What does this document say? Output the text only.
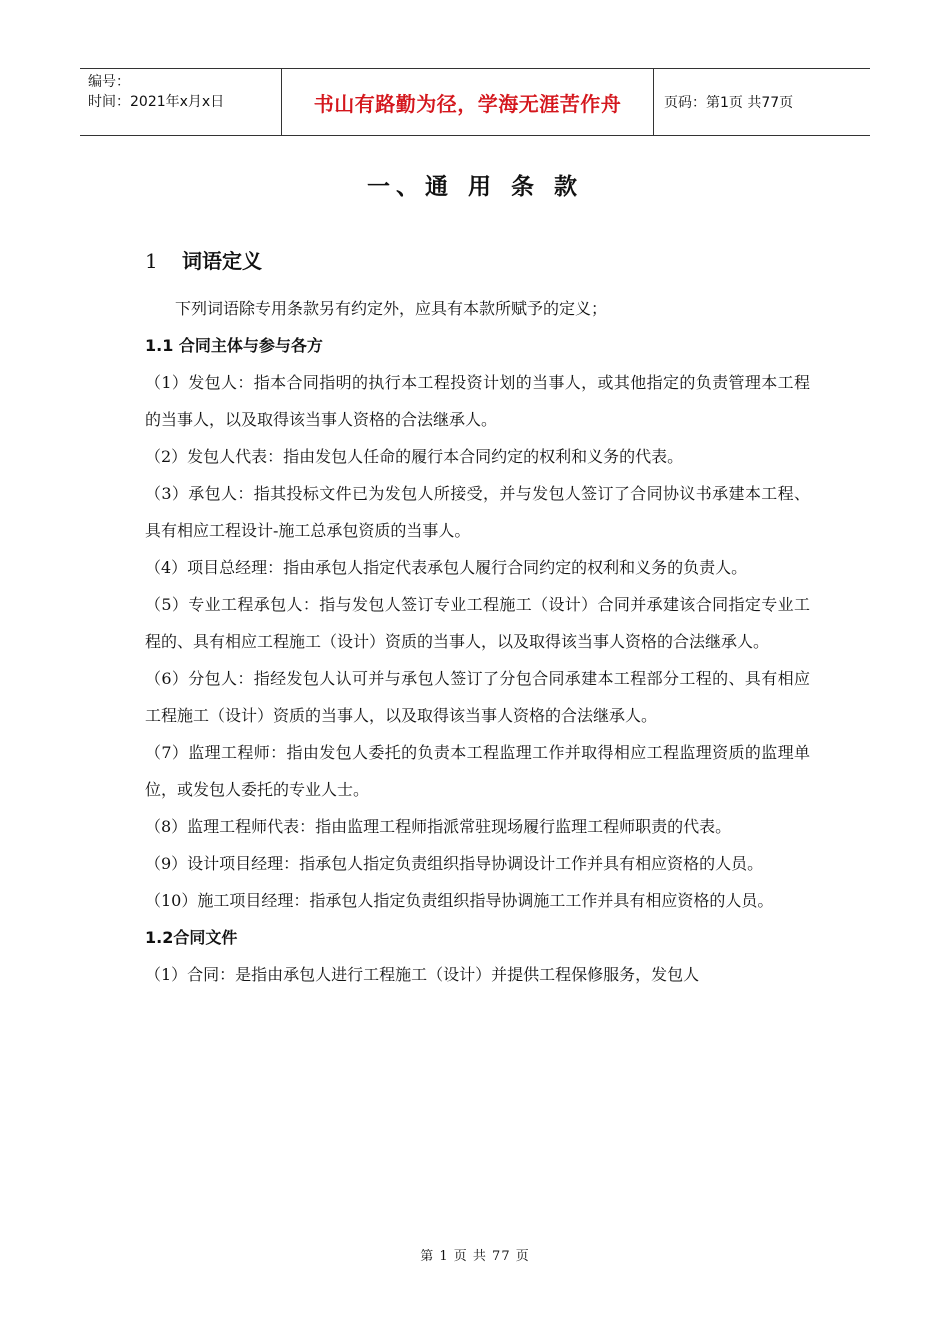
编号：
时间：2021年x月x日	书山有路勤为径，学海无涯苦作舟	页码：第1页 共77页
一、通 用 条 款
1 词语定义

下列词语除专用条款另有约定外，应具有本款所赋予的定义；

1.1 合同主体与参与各方

（1）发包人：指本合同指明的执行本工程投资计划的当事人，或其他指定的负责管理本工程的当事人，以及取得该当事人资格的合法继承人。

（2）发包人代表：指由发包人任命的履行本合同约定的权利和义务的代表。

（3）承包人：指其投标文件已为发包人所接受，并与发包人签订了合同协议书承建本工程、具有相应工程设计-施工总承包资质的当事人。

（4）项目总经理：指由承包人指定代表承包人履行合同约定的权利和义务的负责人。

（5）专业工程承包人：指与发包人签订专业工程施工（设计）合同并承建该合同指定专业工程的、具有相应工程施工（设计）资质的当事人，以及取得该当事人资格的合法继承人。

（6）分包人：指经发包人认可并与承包人签订了分包合同承建本工程部分工程的、具有相应工程施工（设计）资质的当事人，以及取得该当事人资格的合法继承人。

（7）监理工程师：指由发包人委托的负责本工程监理工作并取得相应工程监理资质的监理单位，或发包人委托的专业人士。

（8）监理工程师代表：指由监理工程师指派常驻现场履行监理工程师职责的代表。

（9）设计项目经理：指承包人指定负责组织指导协调设计工作并具有相应资格的人员。

（10）施工项目经理：指承包人指定负责组织指导协调施工工作并具有相应资格的人员。

1.2合同文件

（1）合同：是指由承包人进行工程施工（设计）并提供工程保修服务，发包人

第 1 页 共 77 页
